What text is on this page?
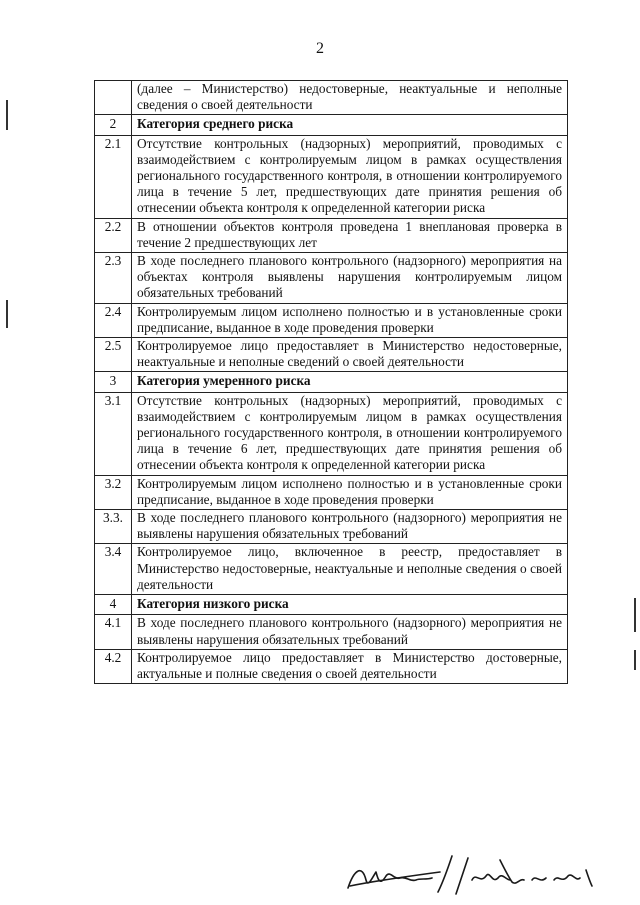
2
	(далее – Министерство) недостоверные, неактуальные и неполные сведения о своей деятельности
2	Категория среднего риска
2.1	Отсутствие контрольных (надзорных) мероприятий, проводимых с взаимодействием с контролируемым лицом в рамках осуществления регионального государственного контроля, в отношении контролируемого лица в течение 5 лет, предшествующих дате принятия решения об отнесении объекта контроля к определенной категории риска
2.2	В отношении объектов контроля проведена 1 внеплановая проверка в течение 2 предшествующих лет
2.3	В ходе последнего планового контрольного (надзорного) мероприятия на объектах контроля выявлены нарушения контролируемым лицом обязательных требований
2.4	Контролируемым лицом исполнено полностью и в установленные сроки предписание, выданное в ходе проведения проверки
2.5	Контролируемое лицо предоставляет в Министерство недостоверные, неактуальные и неполные сведений о своей деятельности
3	Категория умеренного риска
3.1	Отсутствие контрольных (надзорных) мероприятий, проводимых с взаимодействием с контролируемым лицом в рамках осуществления регионального государственного контроля, в отношении контролируемого лица в течение 6 лет, предшествующих дате принятия решения об отнесении объекта контроля к определенной категории риска
3.2	Контролируемым лицом исполнено полностью и в установленные сроки предписание, выданное в ходе проведения проверки
3.3.	В ходе последнего планового контрольного (надзорного) мероприятия не выявлены нарушения обязательных требований
3.4	Контролируемое лицо, включенное в реестр, предоставляет в Министерство недостоверные, неактуальные и неполные сведения о своей деятельности
4	Категория низкого риска
4.1	В ходе последнего планового контрольного (надзорного) мероприятия не выявлены нарушения обязательных требований
4.2	Контролируемое лицо предоставляет в Министерство достоверные, актуальные и полные сведения о своей деятельности
